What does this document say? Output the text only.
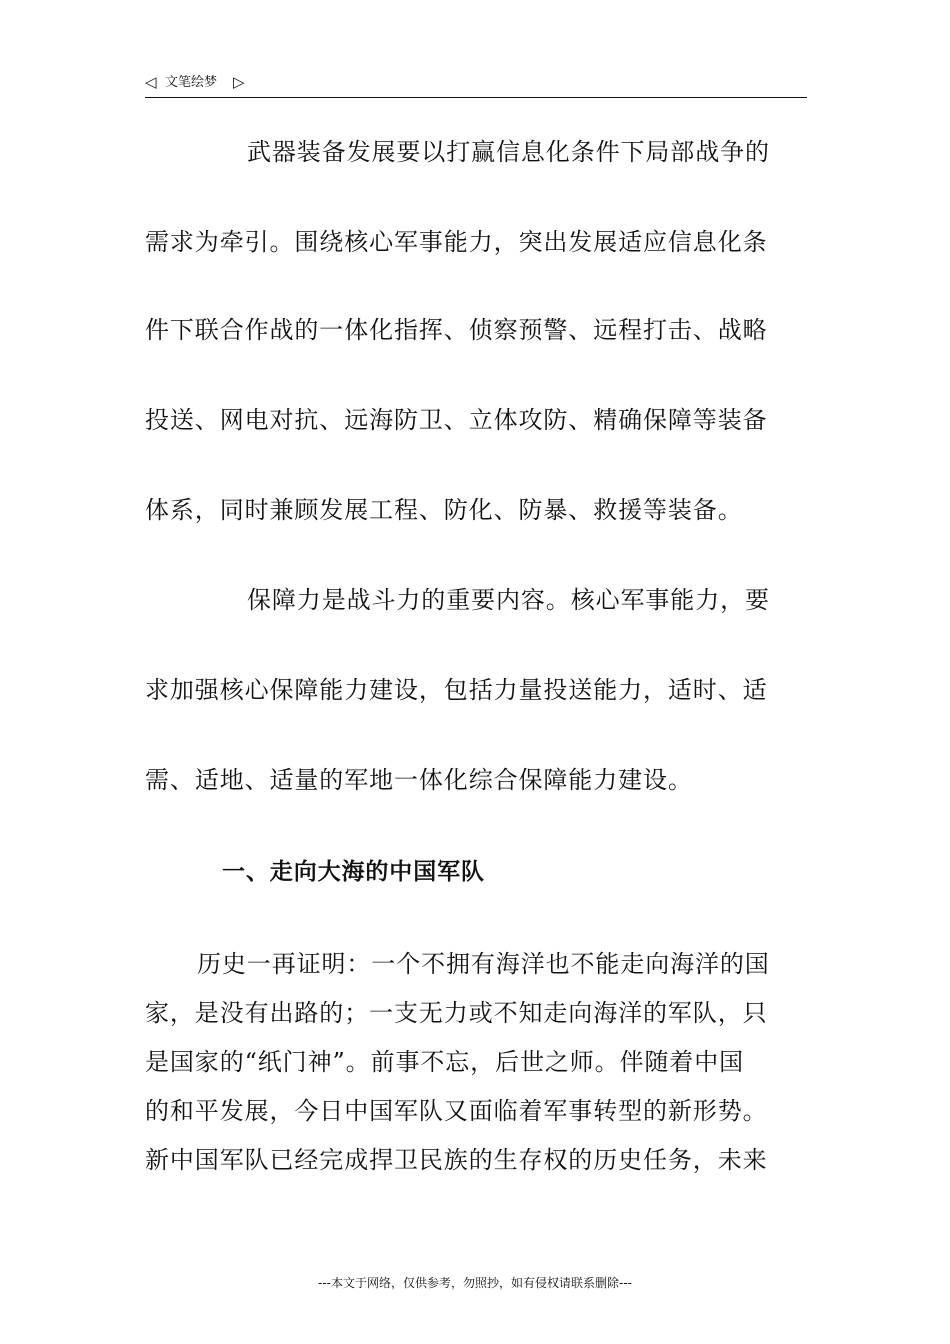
◁ 文笔绘梦 ▷
武器装备发展要以打赢信息化条件下局部战争的
需求为牵引。围绕核心军事能力，突出发展适应信息化条
件下联合作战的一体化指挥、侦察预警、远程打击、战略
投送、网电对抗、远海防卫、立体攻防、精确保障等装备
体系，同时兼顾发展工程、防化、防暴、救援等装备。
保障力是战斗力的重要内容。核心军事能力，要
求加强核心保障能力建设，包括力量投送能力，适时、适
需、适地、适量的军地一体化综合保障能力建设。
一、走向大海的中国军队
历史一再证明：一个不拥有海洋也不能走向海洋的国
家，是没有出路的；一支无力或不知走向海洋的军队，只
是国家的“纸门神”。前事不忘，后世之师。伴随着中国
的和平发展，今日中国军队又面临着军事转型的新形势。
新中国军队已经完成捍卫民族的生存权的历史任务，未来
---本文于网络，仅供参考，勿照抄，如有侵权请联系删除---
